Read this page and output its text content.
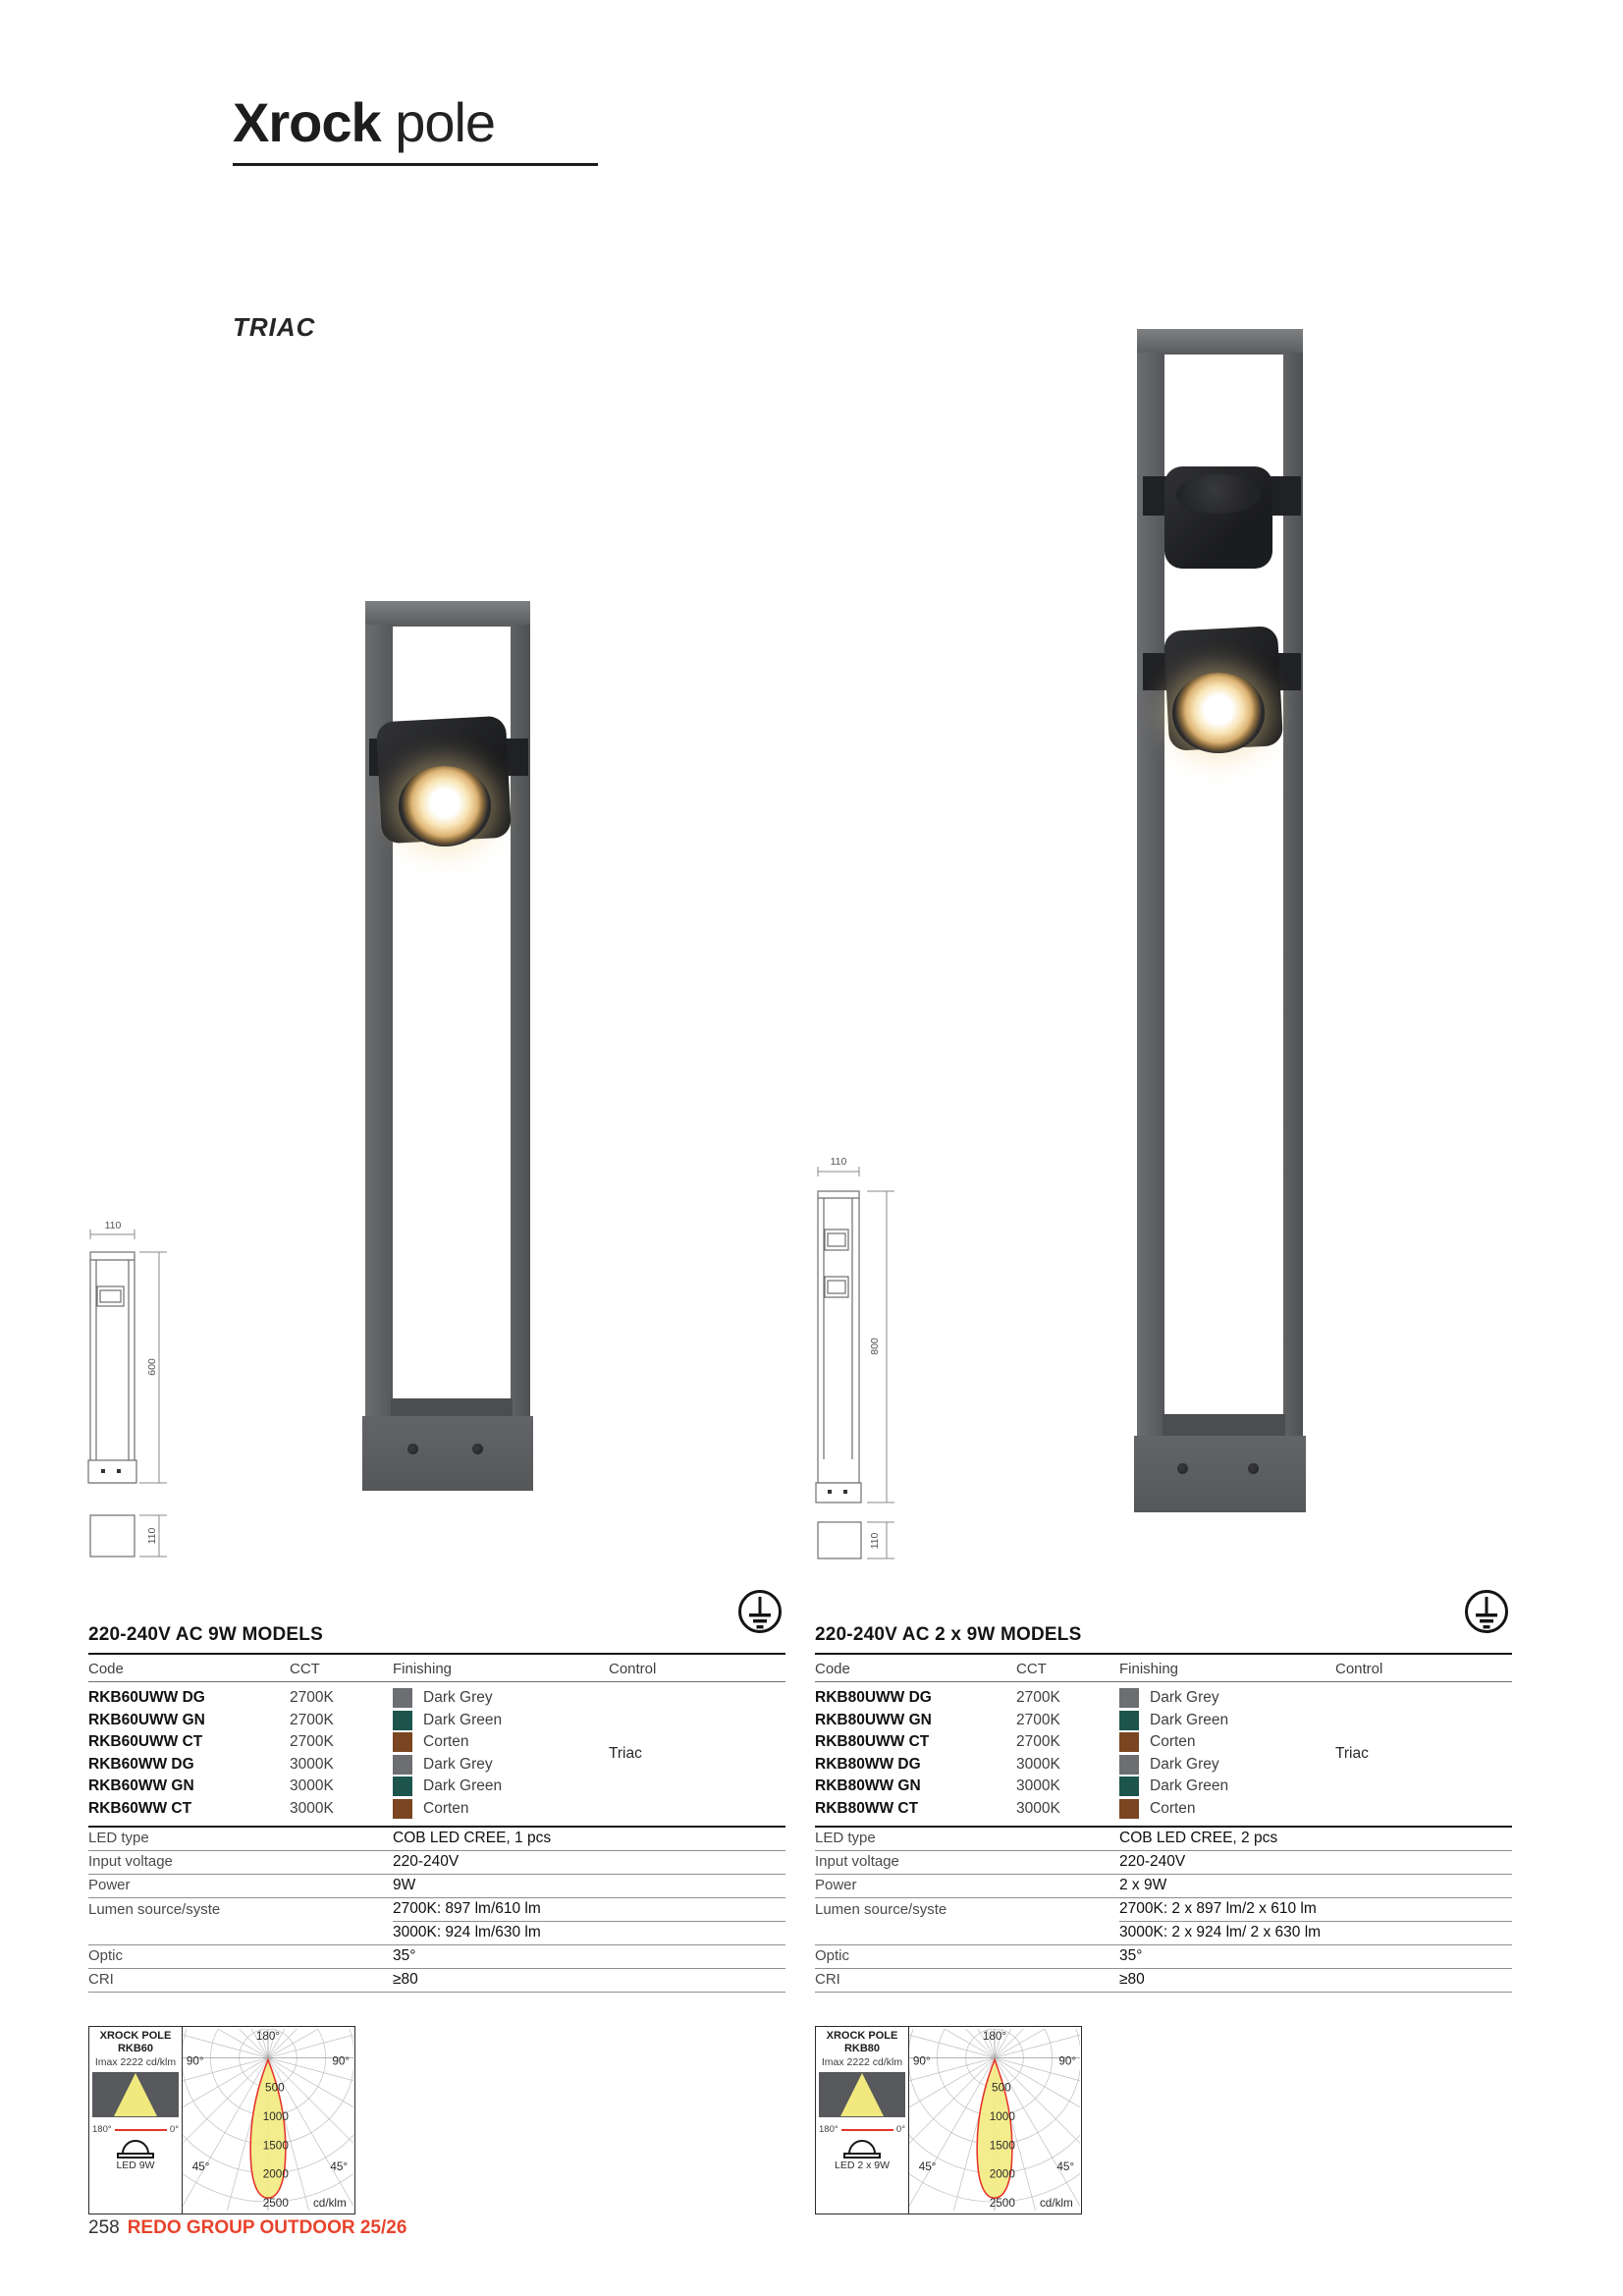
Xrock pole
TRIAC
110
600
110
110
800
110
220-240V AC 9W MODELS
Code	CCT	Finishing	Control
RKB60UWW DG	2700K	Dark Grey
RKB60UWW GN	2700K	Dark Green
RKB60UWW CT	2700K	Corten
RKB60WW DG	3000K	Dark Grey
RKB60WW GN	3000K	Dark Green
RKB60WW CT	3000K	Corten
Triac
LED type	COB LED CREE, 1 pcs
Input voltage	220-240V
Power	9W
Lumen source/syste	2700K: 897 lm/610 lm
3000K: 924 lm/630 lm
Optic	35°
CRI	≥80
XROCK POLE
RKB60
Imax 2222 cd/klm
180°	0°
LED 9W
180°
90°	90°
45°	45°
500
1000
1500
2000
2500 cd/klm
220-240V AC 2 x 9W MODELS
Code	CCT	Finishing	Control
RKB80UWW DG	2700K	Dark Grey
RKB80UWW GN	2700K	Dark Green
RKB80UWW CT	2700K	Corten
RKB80WW DG	3000K	Dark Grey
RKB80WW GN	3000K	Dark Green
RKB80WW CT	3000K	Corten
Triac
LED type	COB LED CREE, 2 pcs
Input voltage	220-240V
Power	2 x 9W
Lumen source/syste	2700K: 2 x 897 lm/2 x 610 lm
3000K: 2 x 924 lm/ 2 x 630 lm
Optic	35°
CRI	≥80
XROCK POLE
RKB80
Imax 2222 cd/klm
180°	0°
LED 2 x 9W
180°
90°	90°
45°	45°
500
1000
1500
2000
2500 cd/klm
258 REDO GROUP OUTDOOR 25/26
